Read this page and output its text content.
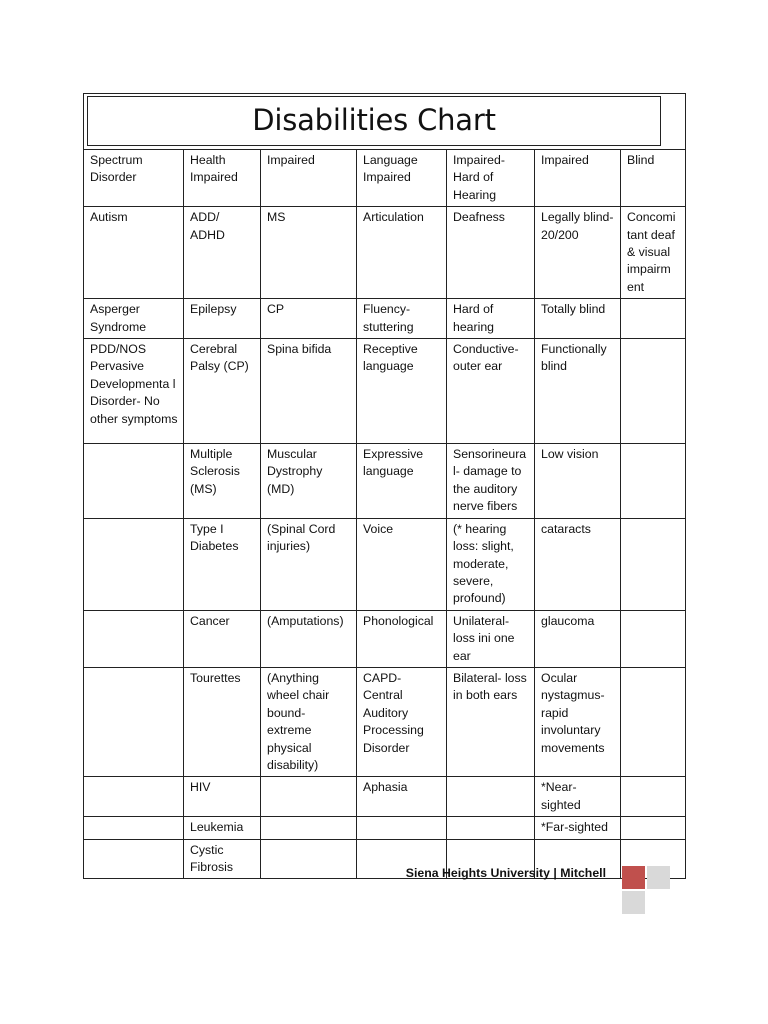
Disabilities Chart						

Spectrum Disorder	Health Impaired	Impaired	Language Impaired	Impaired- Hard of Hearing	Impaired	Blind
Autism	ADD/ ADHD	MS	Articulation	Deafness	Legally blind- 20/200	Concomi tant deaf & visual impairm ent
Asperger Syndrome	Epilepsy	CP	Fluency- stuttering	Hard of hearing	Totally blind	
PDD/NOS Pervasive Developmenta l Disorder- No other symptoms	Cerebral Palsy (CP)	Spina bifida	Receptive language	Conductive- outer ear	Functionally blind	
	Multiple Sclerosis (MS)	Muscular Dystrophy (MD)	Expressive language	Sensorineura l- damage to the auditory nerve fibers	Low vision	
	Type I Diabetes	(Spinal Cord injuries)	Voice	(* hearing loss: slight, moderate, severe, profound)	cataracts	
	Cancer	(Amputations)	Phonological	Unilateral- loss ini one ear	glaucoma	
	Tourettes	(Anything wheel chair bound- extreme physical disability)	CAPD- Central Auditory Processing Disorder	Bilateral- loss in both ears	Ocular nystagmus- rapid involuntary movements	
	HIV		Aphasia		*Near- sighted	
	Leukemia				*Far-sighted	
	Cystic Fibrosis						Siena Heights University | Mitchell
